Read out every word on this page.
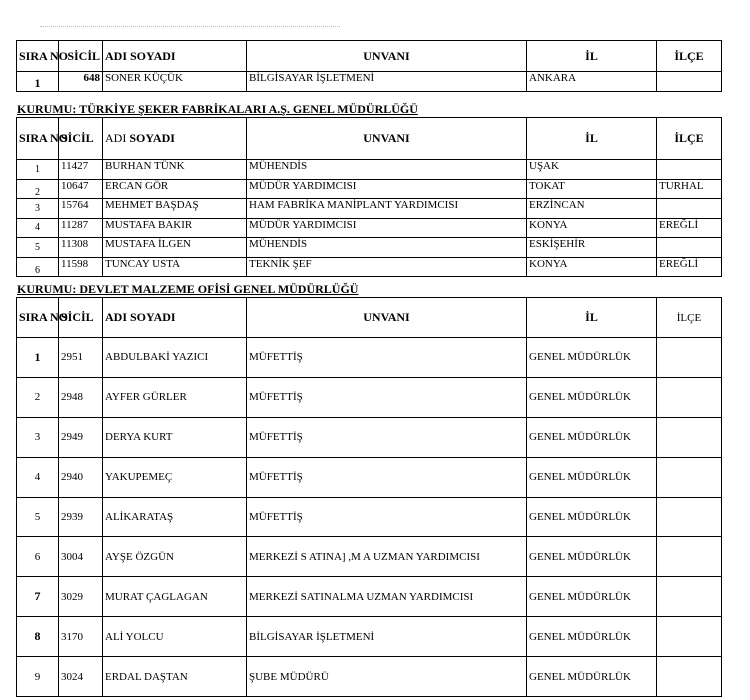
SIRA NO	SİCİL	ADI SOYADI	UNVANI	İL	İLÇE
1	648	SONER KÜÇÜK	BİLGİSAYAR İŞLETMENİ	ANKARA	
KURUMU: TÜRKİYE ŞEKER FABRİKALARI A.Ş. GENEL MÜDÜRLÜĞÜ
SIRA NO	SİCİL	ADI SOYADI	UNVANI	İL	İLÇE
1	11427	BURHAN TÜNK	MÜHENDİS	UŞAK	
2	10647	ERCAN GÖR	MÜDÜR YARDIMCISI	TOKAT	TURHAL
3	15764	MEHMET BAŞDAŞ	HAM FABRİKA MANİPLANT YARDIMCISI	ERZİNCAN	
4	11287	MUSTAFA BAKIR	MÜDÜR YARDIMCISI	KONYA	EREĞLİ
5	11308	MUSTAFA İLGEN	MÜHENDİS	ESKİŞEHİR	
6	11598	TUNCAY USTA	TEKNİK ŞEF	KONYA	EREĞLİ
KURUMU: DEVLET MALZEME OFİSİ GENEL MÜDÜRLÜĞÜ
SIRA NO	SİCİL	ADI SOYADI	UNVANI	İL	İLÇE
1	2951	ABDULBAKİ YAZICI	MÜFETTİŞ	GENEL MÜDÜRLÜK	
2	2948	AYFER GÜRLER	MÜFETTİŞ	GENEL MÜDÜRLÜK	
3	2949	DERYA KURT	MÜFETTİŞ	GENEL MÜDÜRLÜK	
4	2940	YAKUPEMEÇ	MÜFETTİŞ	GENEL MÜDÜRLÜK	
5	2939	ALİKARATAŞ	MÜFETTİŞ	GENEL MÜDÜRLÜK	
6	3004	AYŞE ÖZGÜN	MERKEZİ S ATINA] ,M A UZMAN YARDIMCISI	GENEL MÜDÜRLÜK	
7	3029	MURAT ÇAGLAGAN	MERKEZİ SATINALMA UZMAN YARDIMCISI	GENEL MÜDÜRLÜK	
8	3170	ALİ YOLCU	BİLGİSAYAR İŞLETMENİ	GENEL MÜDÜRLÜK	
9	3024	ERDAL DAŞTAN	ŞUBE MÜDÜRÜ	GENEL MÜDÜRLÜK	
